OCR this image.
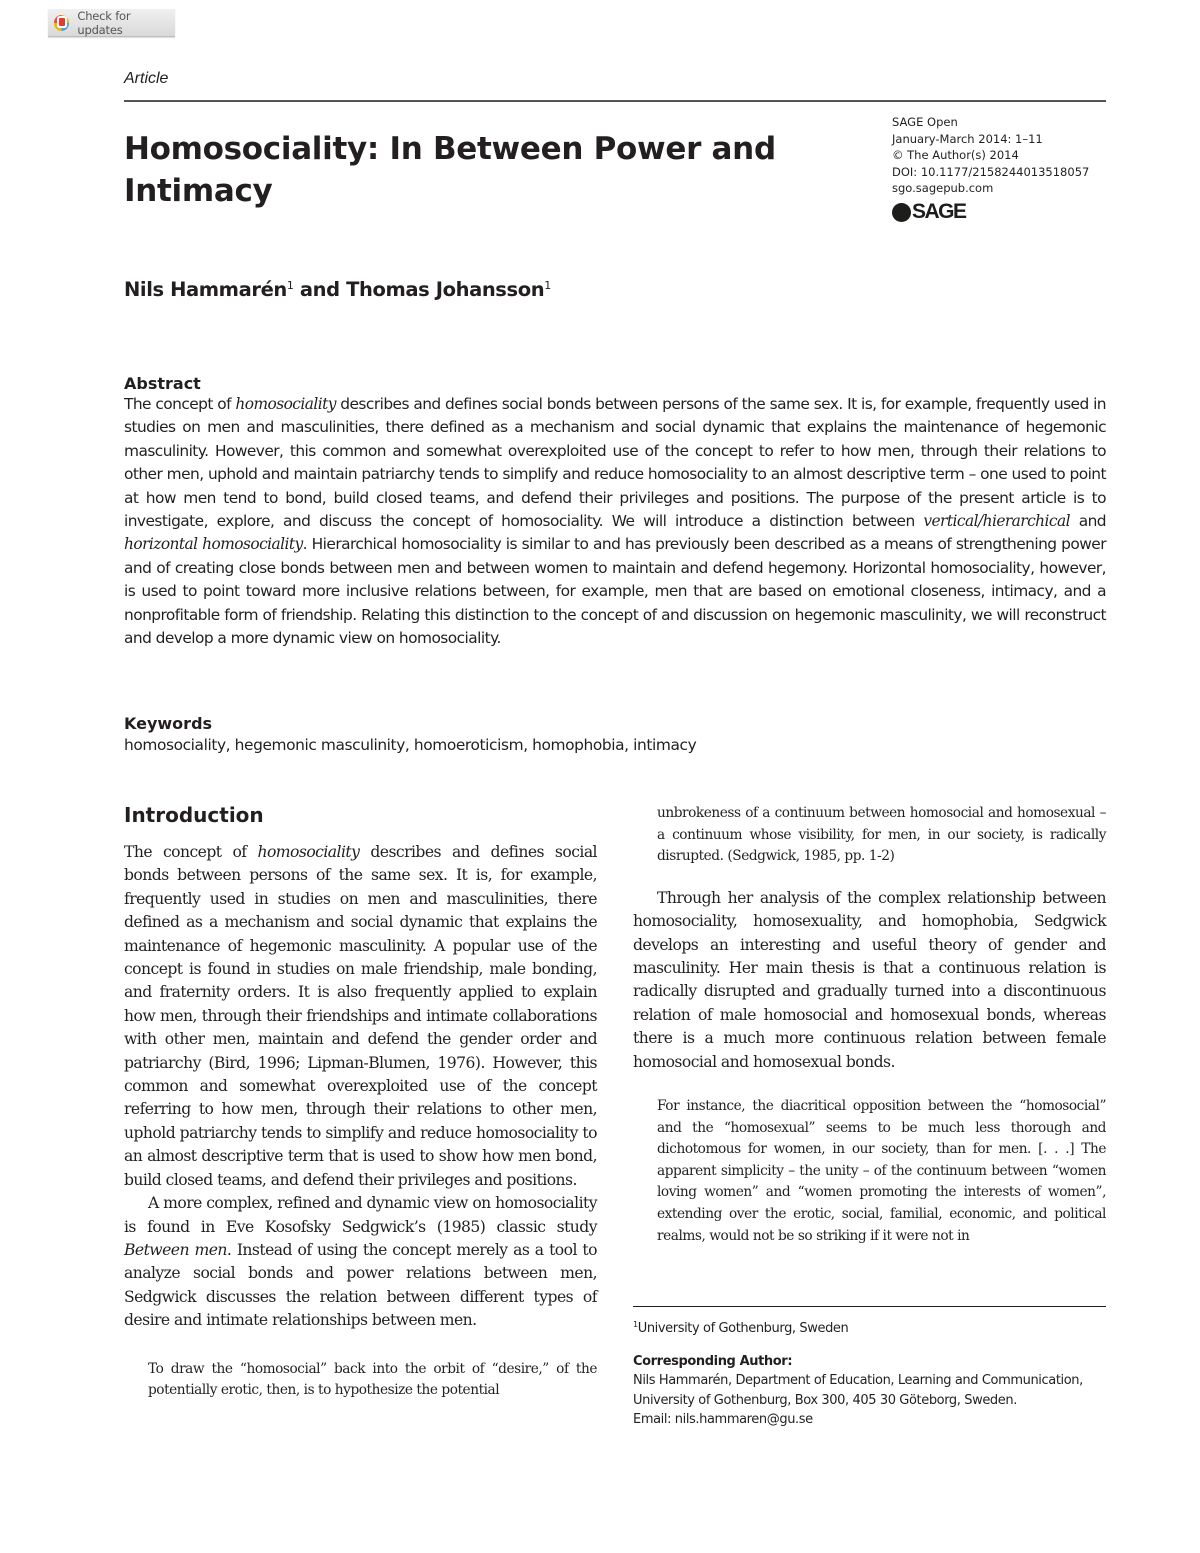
Check for updates
Article
Homosociality: In Between Power and Intimacy
SAGE Open
January-March 2014: 1–11
© The Author(s) 2014
DOI: 10.1177/2158244013518057
sgo.sagepub.com
SAGE
Nils Hammarén$^1$ and Thomas Johansson$^1$
Abstract

The concept of homosociality describes and defines social bonds between persons of the same sex. It is, for example, frequently used in studies on men and masculinities, there defined as a mechanism and social dynamic that explains the maintenance of hegemonic masculinity. However, this common and somewhat overexploited use of the concept to refer to how men, through their relations to other men, uphold and maintain patriarchy tends to simplify and reduce homosociality to an almost descriptive term – one used to point at how men tend to bond, build closed teams, and defend their privileges and positions. The purpose of the present article is to investigate, explore, and discuss the concept of homosociality. We will introduce a distinction between vertical/hierarchical and horizontal homosociality. Hierarchical homosociality is similar to and has previously been described as a means of strengthening power and of creating close bonds between men and between women to maintain and defend hegemony. Horizontal homosociality, however, is used to point toward more inclusive relations between, for example, men that are based on emotional closeness, intimacy, and a nonprofitable form of friendship. Relating this distinction to the concept of and discussion on hegemonic masculinity, we will reconstruct and develop a more dynamic view on homosociality.

Keywords
homosociality, hegemonic masculinity, homoeroticism, homophobia, intimacy
Introduction

The concept of homosociality describes and defines social bonds between persons of the same sex. It is, for example, frequently used in studies on men and masculinities, there defined as a mechanism and social dynamic that explains the maintenance of hegemonic masculinity. A popular use of the concept is found in studies on male friendship, male bonding, and fraternity orders. It is also frequently applied to explain how men, through their friendships and intimate collaborations with other men, maintain and defend the gender order and patriarchy (Bird, 1996; Lipman-Blumen, 1976). However, this common and somewhat overexploited use of the concept referring to how men, through their relations to other men, uphold patriarchy tends to simplify and reduce homosociality to an almost descriptive term that is used to show how men bond, build closed teams, and defend their privileges and positions.

A more complex, refined and dynamic view on homosociality is found in Eve Kosofsky Sedgwick’s (1985) classic study Between men. Instead of using the concept merely as a tool to analyze social bonds and power relations between men, Sedgwick discusses the relation between different types of desire and intimate relationships between men.

To draw the “homosocial” back into the orbit of “desire,” of the potentially erotic, then, is to hypothesize the potential

unbrokeness of a continuum between homosocial and homosexual – a continuum whose visibility, for men, in our society, is radically disrupted. (Sedgwick, 1985, pp. 1-2)

Through her analysis of the complex relationship between homosociality, homosexuality, and homophobia, Sedgwick develops an interesting and useful theory of gender and masculinity. Her main thesis is that a continuous relation is radically disrupted and gradually turned into a discontinuous relation of male homosocial and homosexual bonds, whereas there is a much more continuous relation between female homosocial and homosexual bonds.

For instance, the diacritical opposition between the “homosocial” and the “homosexual” seems to be much less thorough and dichotomous for women, in our society, than for men. [. . .] The apparent simplicity – the unity – of the continuum between “women loving women” and “women promoting the interests of women”, extending over the erotic, social, familial, economic, and political realms, would not be so striking if it were not in

$^1$University of Gothenburg, Sweden
Corresponding Author:
Nils Hammarén, Department of Education, Learning and Communication,
University of Gothenburg, Box 300, 405 30 Göteborg, Sweden.
Email: nils.hammaren@gu.se
